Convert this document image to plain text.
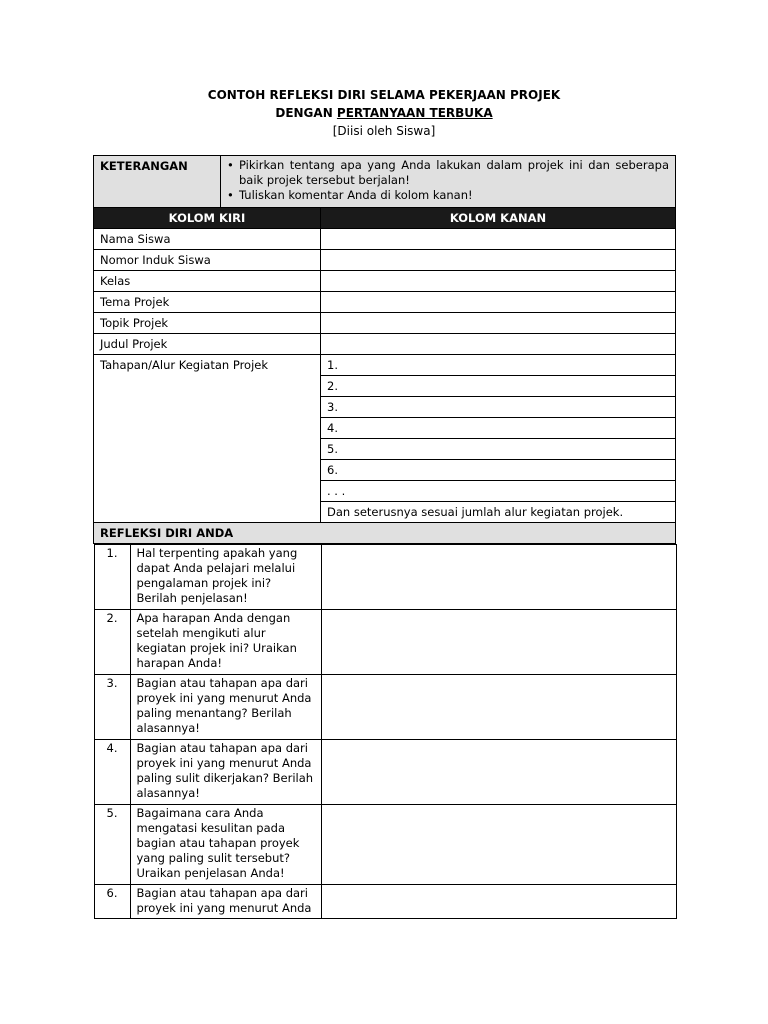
CONTOH REFLEKSI DIRI SELAMA PEKERJAAN PROJEK
DENGAN PERTANYAAN TERBUKA
[Diisi oleh Siswa]
KETERANGAN	
•Pikirkan tentang apa yang Anda lakukan dalam projek ini dan seberapa baik projek tersebut berjalan!
• Tuliskan komentar Anda di kolom kanan!

KOLOM KIRI	KOLOM KANAN
Nama Siswa	
Nomor Induk Siswa	
Kelas	
Tema Projek	
Topik Projek	
Judul Projek	
Tahapan/Alur Kegiatan Projek	1.
2.
3.
4.
5.
6.
. . .
Dan seterusnya sesuai jumlah alur kegiatan projek.
REFLEKSI DIRI ANDA

1.	Hal terpenting apakah yang dapat Anda pelajari melalui pengalaman projek ini? Berilah penjelasan!	
2.	Apa harapan Anda dengan setelah mengikuti alur kegiatan projek ini? Uraikan harapan Anda!	
3.	Bagian atau tahapan apa dari proyek ini yang menurut Anda paling menantang? Berilah alasannya!	
4.	Bagian atau tahapan apa dari proyek ini yang menurut Anda paling sulit dikerjakan? Berilah alasannya!	
5.	Bagaimana cara Anda mengatasi kesulitan pada bagian atau tahapan proyek yang paling sulit tersebut? Uraikan penjelasan Anda!	
6.	Bagian atau tahapan apa dari proyek ini yang menurut Anda	
